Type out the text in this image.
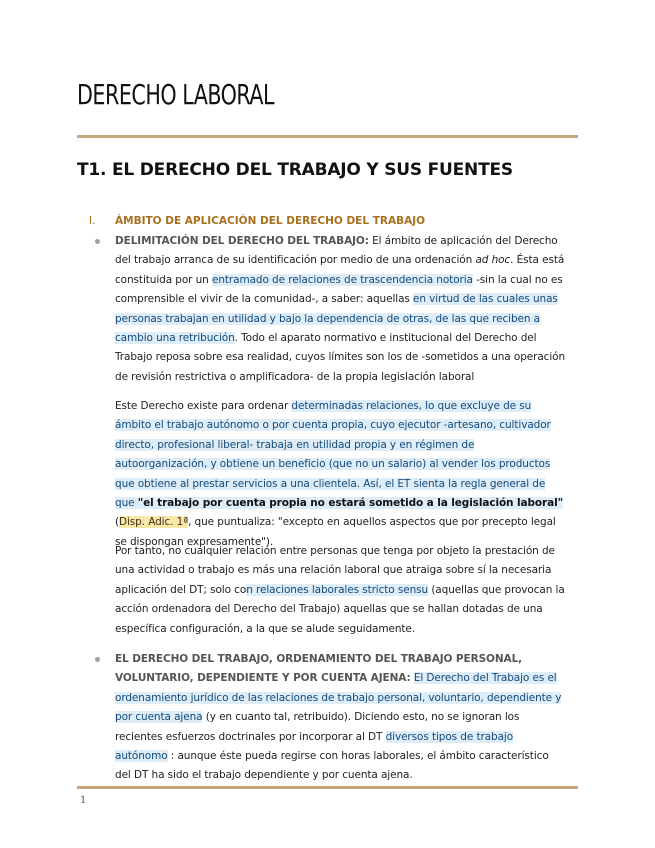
DERECHO LABORAL
T1. EL DERECHO DEL TRABAJO Y SUS FUENTES
I. ÁMBITO DE APLICACIÓN DEL DERECHO DEL TRABAJO

DELIMITACIÓN DEL DERECHO DEL TRABAJO: El ámbito de aplicación del Derecho del trabajo arranca de su identificación por medio de una ordenación ad hoc. Ésta está constituida por un entramado de relaciones de trascendencia notoria -sin la cual no es comprensible el vivir de la comunidad-, a saber: aquellas en virtud de las cuales unas personas trabajan en utilidad y bajo la dependencia de otras, de las que reciben a cambio una retribución. Todo el aparato normativo e institucional del Derecho del Trabajo reposa sobre esa realidad, cuyos límites son los de -sometidos a una operación de revisión restrictiva o amplificadora- de la propia legislación laboral

Este Derecho existe para ordenar determinadas relaciones, lo que excluye de su ámbito el trabajo autónomo o por cuenta propia, cuyo ejecutor -artesano, cultivador directo, profesional liberal- trabaja en utilidad propia y en régimen de autoorganización, y obtiene un beneficio (que no un salario) al vender los productos que obtiene al prestar servicios a una clientela. Así, el ET sienta la regla general de que "el trabajo por cuenta propia no estará sometido a la legislación laboral" (Disp. Adic. 1ª, que puntualiza: "excepto en aquellos aspectos que por precepto legal se dispongan expresamente").

Por tanto, no cualquier relación entre personas que tenga por objeto la prestación de una actividad o trabajo es más una relación laboral que atraiga sobre sí la necesaria aplicación del DT; solo con relaciones laborales stricto sensu (aquellas que provocan la acción ordenadora del Derecho del Trabajo) aquellas que se hallan dotadas de una específica configuración, a la que se alude seguidamente.

EL DERECHO DEL TRABAJO, ORDENAMIENTO DEL TRABAJO PERSONAL, VOLUNTARIO, DEPENDIENTE Y POR CUENTA AJENA: El Derecho del Trabajo es el ordenamiento jurídico de las relaciones de trabajo personal, voluntario, dependiente y por cuenta ajena (y en cuanto tal, retribuido). Diciendo esto, no se ignoran los recientes esfuerzos doctrinales por incorporar al DT diversos tipos de trabajo autónomo : aunque éste pueda regirse con horas laborales, el ámbito característico del DT ha sido el trabajo dependiente y por cuenta ajena.

1
